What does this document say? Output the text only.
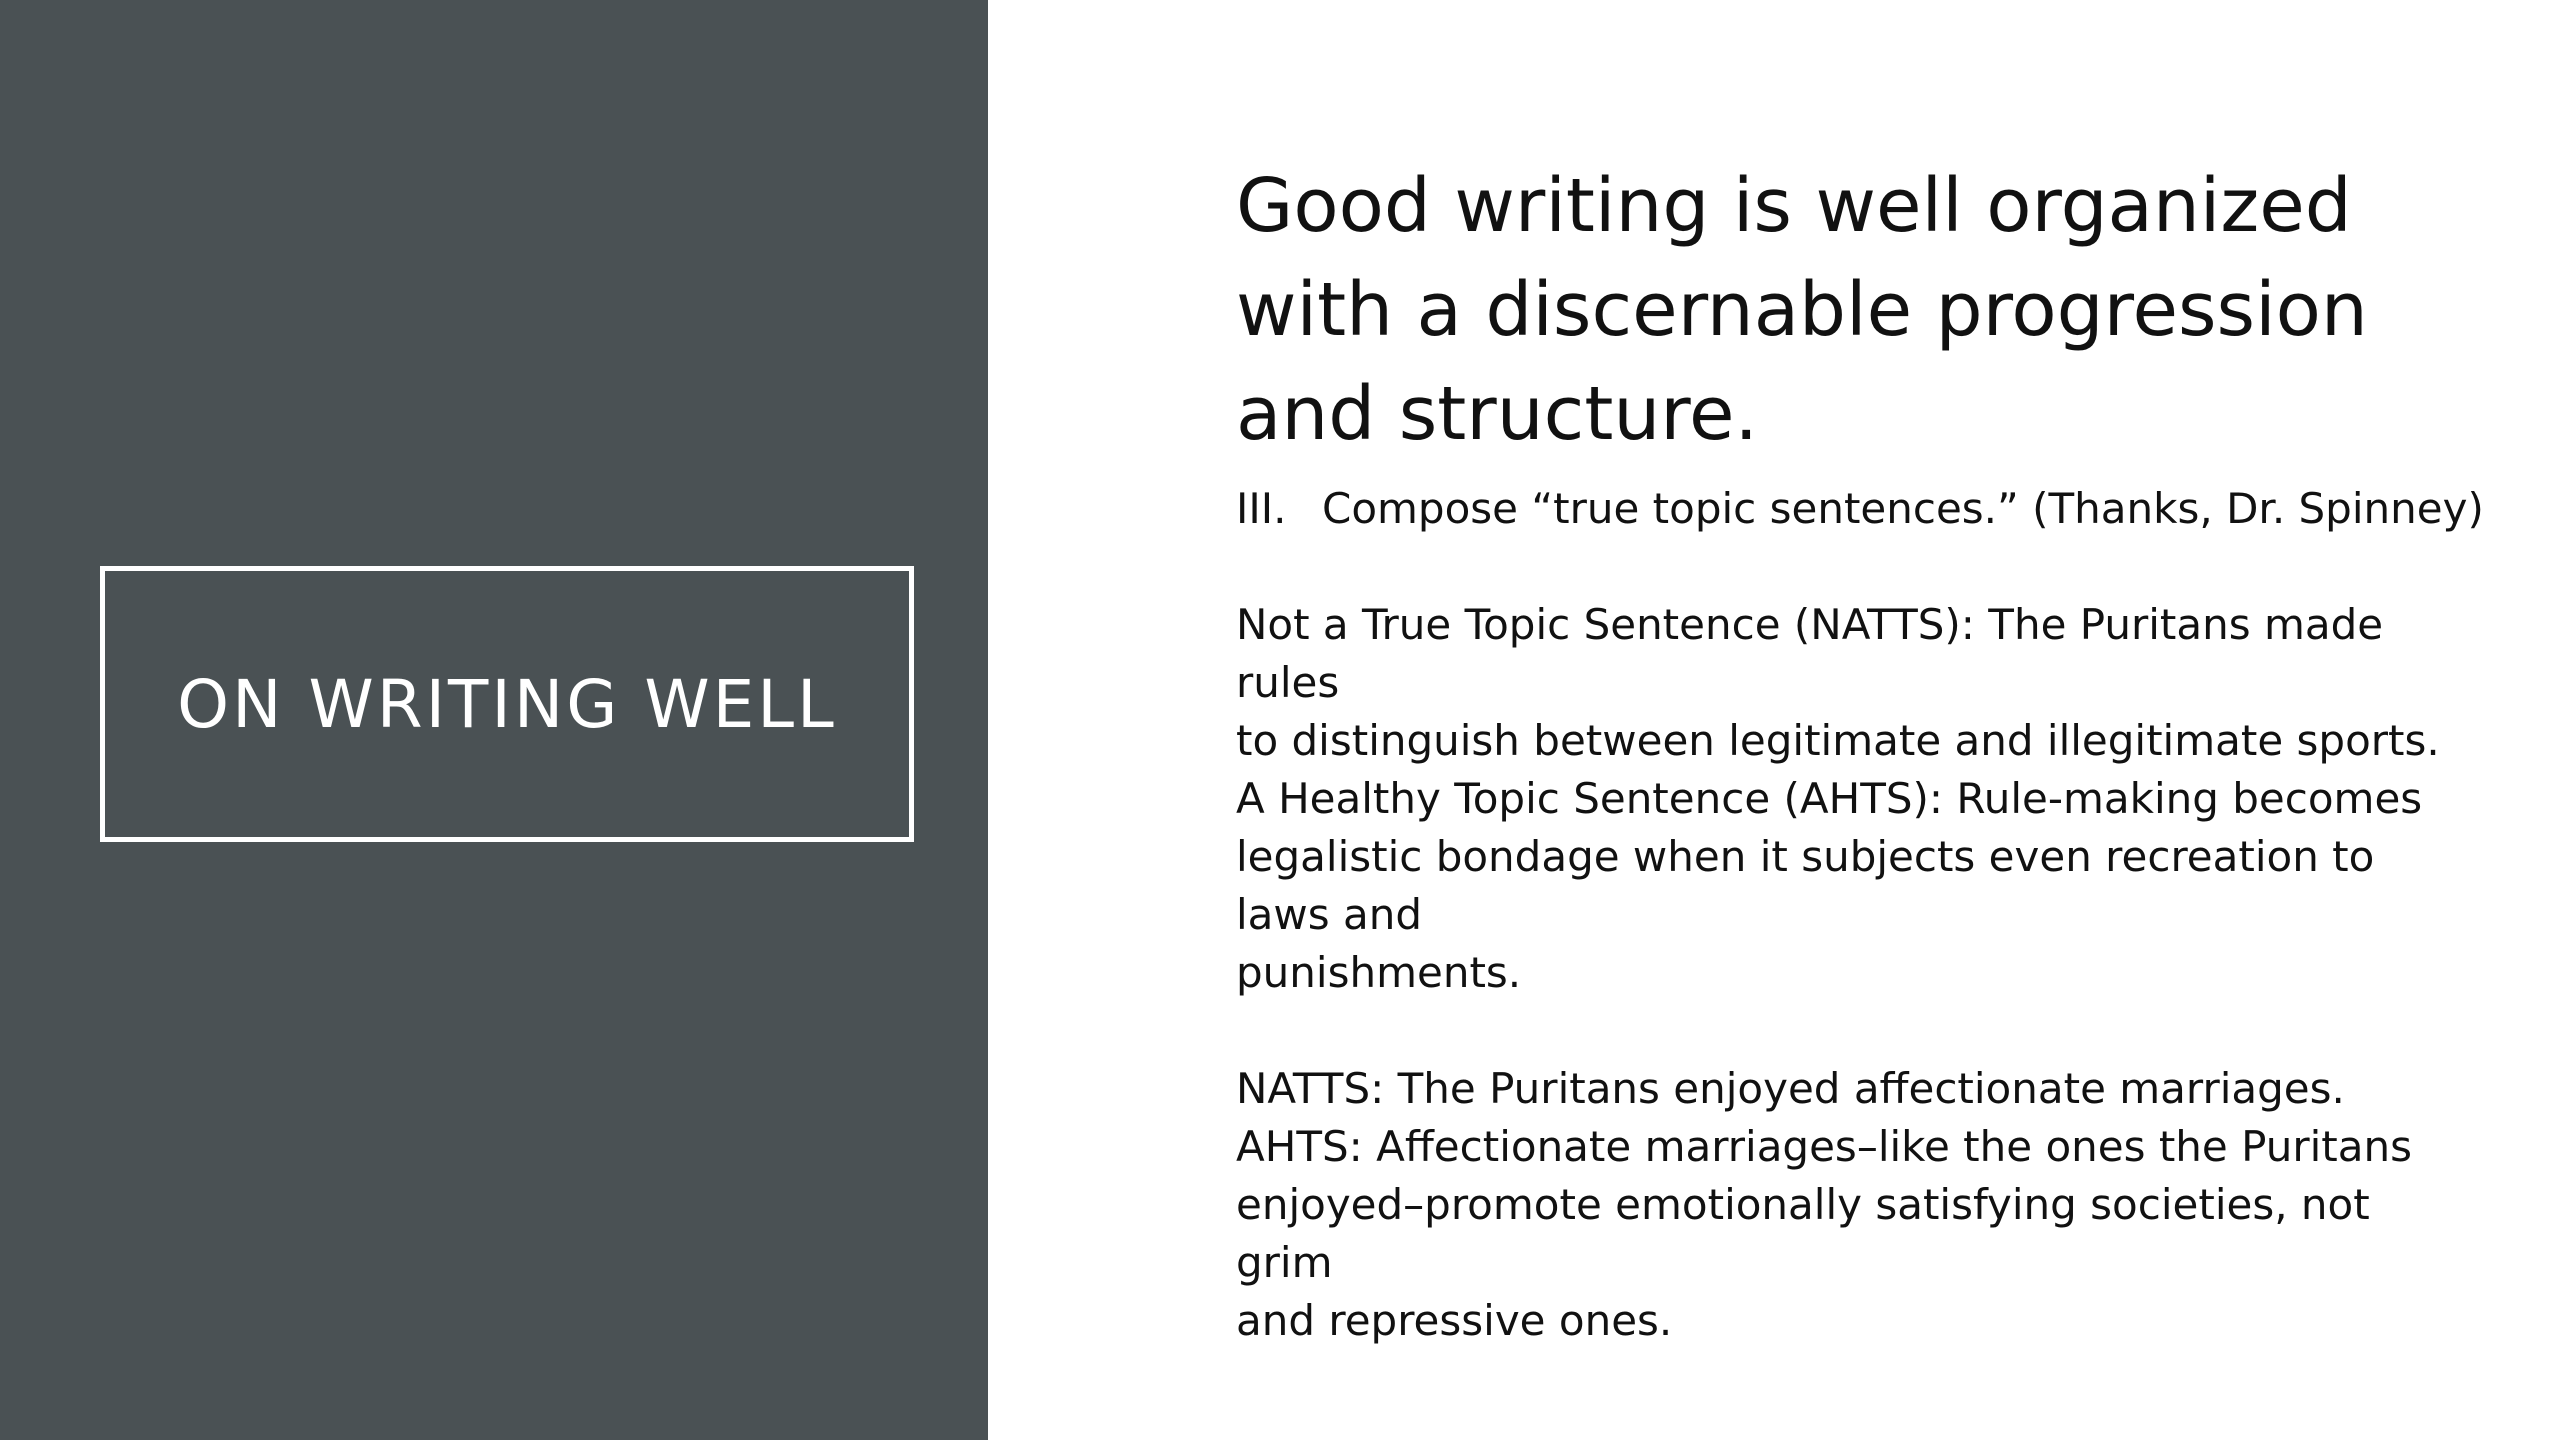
ON WRITING WELL
Good writing is well organized
with a discernable progression
and structure.
III. Compose “true topic sentences.” (Thanks, Dr. Spinney)
Not a True Topic Sentence (NATTS): The Puritans made rules
to distinguish between legitimate and illegitimate sports.
A Healthy Topic Sentence (AHTS): Rule-making becomes
legalistic bondage when it subjects even recreation to laws and
punishments.
NATTS: The Puritans enjoyed affectionate marriages.
AHTS: Affectionate marriages–like the ones the Puritans
enjoyed–promote emotionally satisfying societies, not grim
and repressive ones.
